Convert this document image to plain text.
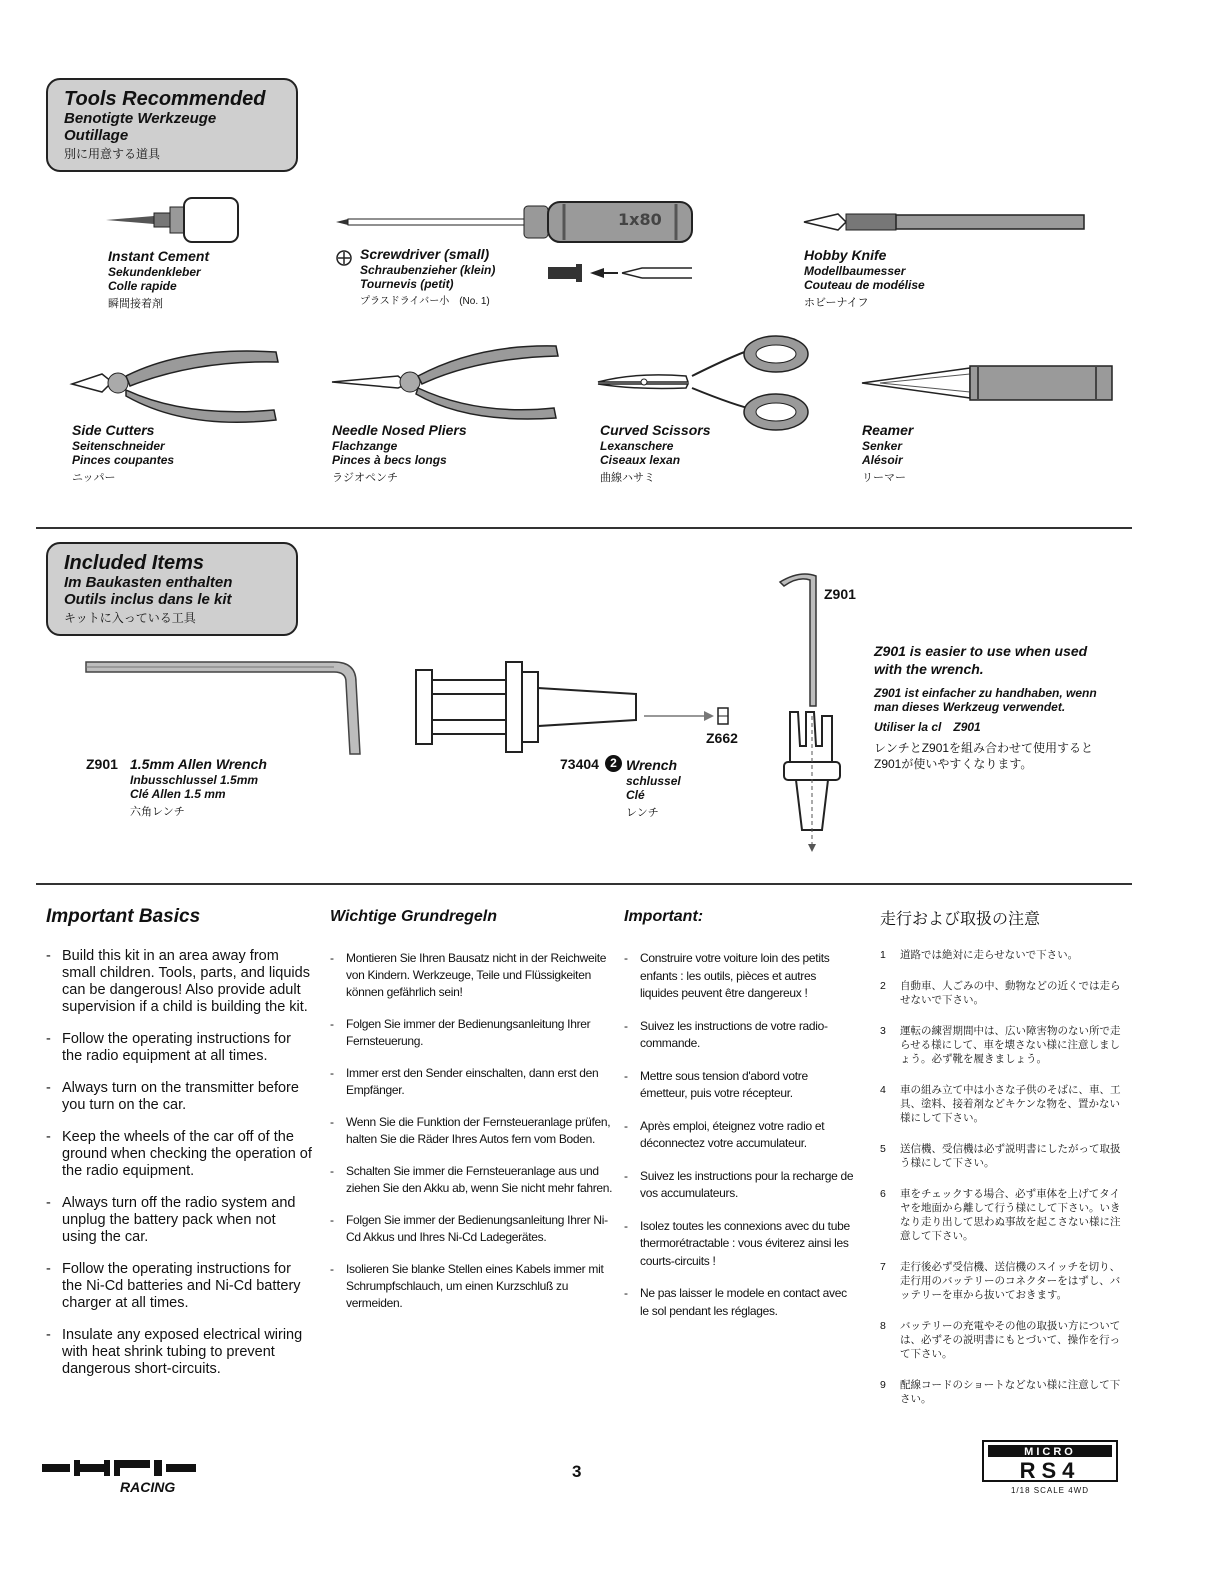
Tools Recommended
Benotigte Werkzeuge
Outillage
別に用意する道具
Instant Cement
Sekundenkleber
Colle rapide
瞬間接着剤
1x80
Screwdriver (small)
Schraubenzieher (klein)
Tournevis (petit)
プラスドライバー小　(No. 1)
Hobby Knife
Modellbaumesser
Couteau de modélise
ホビーナイフ
Side Cutters
Seitenschneider
Pinces coupantes
ニッパー
Needle Nosed Pliers
Flachzange
Pinces à becs longs
ラジオペンチ
Curved Scissors
Lexanschere
Ciseaux lexan
曲線ハサミ
Reamer
Senker
Alésoir
リーマー
Included Items
Im Baukasten enthalten
Outils inclus dans le kit
キットに入っている工具
Z901 1.5mm Allen Wrench
Inbusschlussel 1.5mm
Clé Allen 1.5 mm
六角レンチ
Z662
73404 2 Wrench
schlussel
Clé
レンチ
Z901
Z901 is easier to use when used with the wrench.
Z901 ist einfacher zu handhaben, wenn man dieses Werkzeug verwendet.
Utiliser la cl　Z901
レンチとZ901を組み合わせて使用するとZ901が使いやすくなります。
Important Basics
- Build this kit in an area away from small children. Tools, parts, and liquids can be dangerous! Also provide adult supervision if a child is building the kit.
- Follow the operating instructions for the radio equipment at all times.
- Always turn on the transmitter before you turn on the car.
- Keep the wheels of the car off of the ground when checking the operation of the radio equipment.
- Always turn off the radio system and unplug the battery pack when not using the car.
- Follow the operating instructions for the Ni-Cd batteries and Ni-Cd battery charger at all times.
- Insulate any exposed electrical wiring with heat shrink tubing to prevent dangerous short-circuits.
Wichtige Grundregeln
- Montieren Sie Ihren Bausatz nicht in der Reichweite von Kindern. Werkzeuge, Teile und Flüssigkeiten können gefährlich sein!
- Folgen Sie immer der Bedienungsanleitung Ihrer Fernsteuerung.
- Immer erst den Sender einschalten, dann erst den Empfänger.
- Wenn Sie die Funktion der Fernsteueranlage prüfen, halten Sie die Räder Ihres Autos fern vom Boden.
- Schalten Sie immer die Fernsteueranlage aus und ziehen Sie den Akku ab, wenn Sie nicht mehr fahren.
- Folgen Sie immer der Bedienungsanleitung Ihrer Ni-Cd Akkus und Ihres Ni-Cd Ladegerätes.
- Isolieren Sie blanke Stellen eines Kabels immer mit Schrumpfschlauch, um einen Kurzschluß zu vermeiden.
Important:
- Construire votre voiture loin des petits enfants : les outils, pièces et autres liquides peuvent être dangereux !
- Suivez les instructions de votre radio-commande.
- Mettre sous tension d'abord votre émetteur, puis votre récepteur.
- Après emploi, éteignez votre radio et déconnectez votre accumulateur.
- Suivez les instructions pour la recharge de vos accumulateurs.
- Isolez toutes les connexions avec du tube thermorétractable : vous éviterez ainsi les courts-circuits !
- Ne pas laisser le modele en contact avec le sol pendant les réglages.
走行および取扱の注意
1 道路では絶対に走らせないで下さい。
2 自動車、人ごみの中、動物などの近くでは走らせないで下さい。
3 運転の練習期間中は、広い障害物のない所で走らせる様にして、車を壊さない様に注意しましょう。必ず靴を履きましょう。
4 車の組み立て中は小さな子供のそばに、車、工具、塗料、接着剤などキケンな物を、置かない様にして下さい。
5 送信機、受信機は必ず説明書にしたがって取扱う様にして下さい。
6 車をチェックする場合、必ず車体を上げてタイヤを地面から離して行う様にして下さい。いきなり走り出して思わぬ事故を起こさない様に注意して下さい。
7 走行後必ず受信機、送信機のスイッチを切り、走行用のバッテリーのコネクターをはずし、バッテリーを車から抜いておきます。
8 バッテリーの充電やその他の取扱い方については、必ずその説明書にもとづいて、操作を行って下さい。
9 配線コードのショートなどない様に注意して下さい。
RACING
3
MICRO
RS4
1/18 SCALE 4WD
